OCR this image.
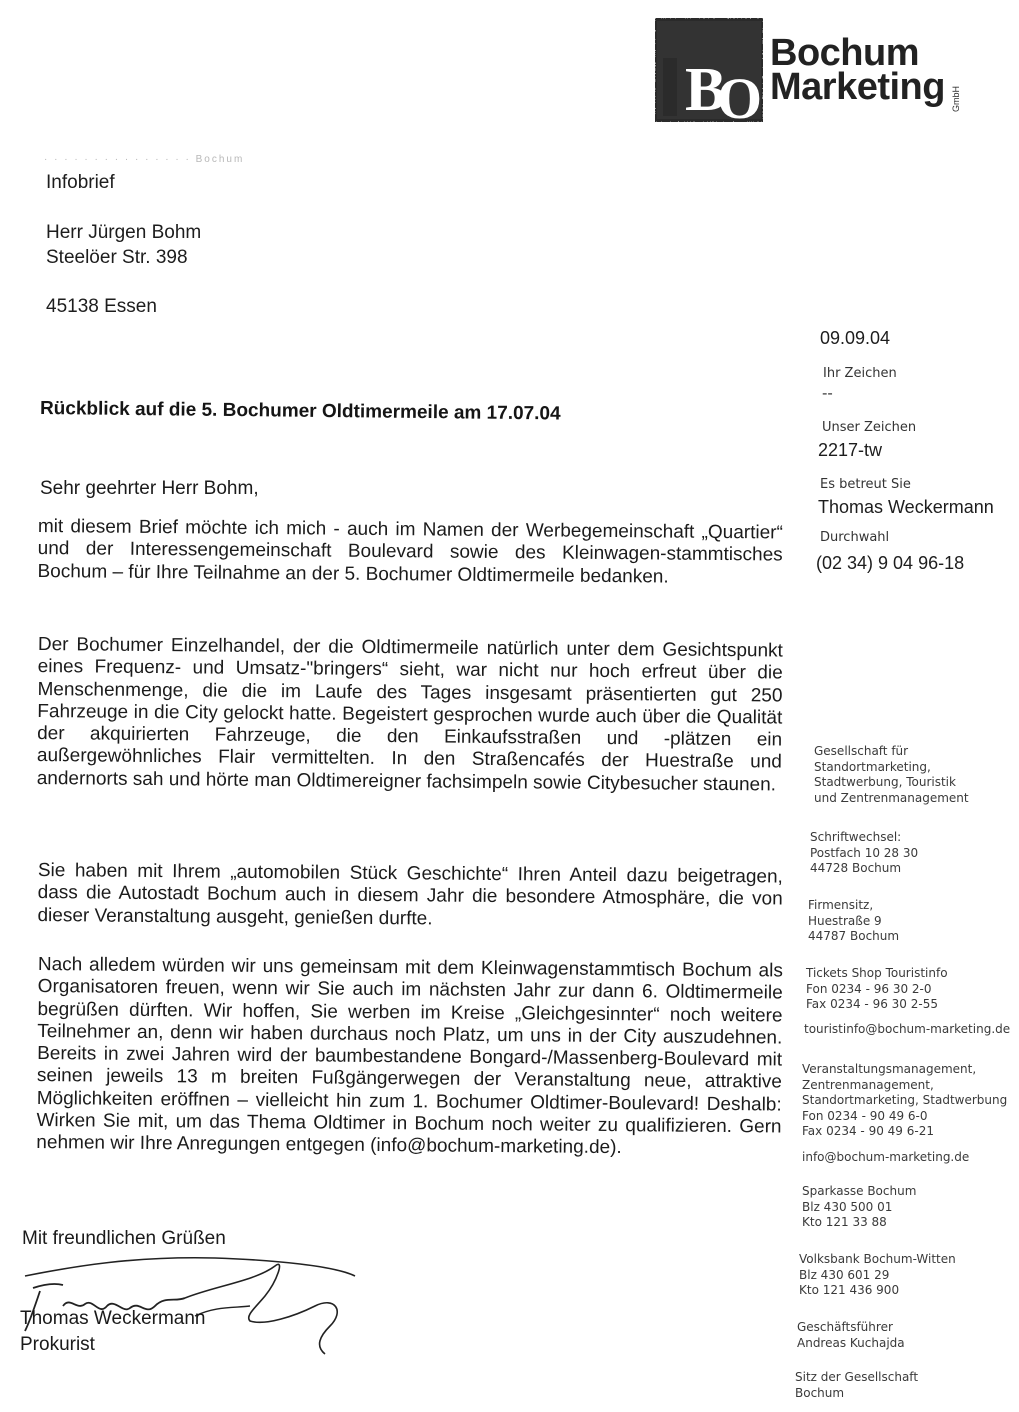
B
O
Bochum
Marketing GmbH
· · · · · · · · · · · · · · · Bochum
Infobrief
Herr Jürgen Bohm
Steelöer Str. 398
45138 Essen
09.09.04
Ihr Zeichen
--
Unser Zeichen
2217-tw
Es betreut Sie
Thomas Weckermann
Durchwahl
(02 34) 9 04 96-18
Rückblick auf die 5. Bochumer Oldtimermeile am 17.07.04
Sehr geehrter Herr Bohm,
mit diesem Brief möchte ich mich - auch im Namen der Werbegemeinschaft „Quartier“ und der Interessengemeinschaft Boulevard sowie des Kleinwagen-stammtisches Bochum – für Ihre Teilnahme an der 5. Bochumer Oldtimermeile bedanken.
Der Bochumer Einzelhandel, der die Oldtimermeile natürlich unter dem Gesichtspunkt eines Frequenz- und Umsatz-"bringers“ sieht, war nicht nur hoch erfreut über die Menschenmenge, die die im Laufe des Tages insgesamt präsentierten gut 250 Fahrzeuge in die City gelockt hatte. Begeistert gesprochen wurde auch über die Qualität der akquirierten Fahrzeuge, die den Einkaufsstraßen und -plätzen ein außergewöhnliches Flair vermittelten. In den Straßencafés der Huestraße und andernorts sah und hörte man Oldtimereigner fachsimpeln sowie Citybesucher staunen.
Sie haben mit Ihrem „automobilen Stück Geschichte“ Ihren Anteil dazu beigetragen, dass die Autostadt Bochum auch in diesem Jahr die besondere Atmosphäre, die von dieser Veranstaltung ausgeht, genießen durfte.
Nach alledem würden wir uns gemeinsam mit dem Kleinwagenstammtisch Bochum als Organisatoren freuen, wenn wir Sie auch im nächsten Jahr zur dann 6. Oldtimermeile begrüßen dürften. Wir hoffen, Sie werben im Kreise „Gleichgesinnter“ noch weitere Teilnehmer an, denn wir haben durchaus noch Platz, um uns in der City auszudehnen. Bereits in zwei Jahren wird der baumbestandene Bongard-/Massenberg-Boulevard mit seinen jeweils 13 m breiten Fußgängerwegen der Veranstaltung neue, attraktive Möglichkeiten eröffnen – vielleicht hin zum 1. Bochumer Oldtimer-Boulevard! Deshalb: Wirken Sie mit, um das Thema Oldtimer in Bochum noch weiter zu qualifizieren. Gern nehmen wir Ihre Anregungen entgegen (info@bochum-marketing.de).
Mit freundlichen Grüßen
Thomas Weckermann
Prokurist
Gesellschaft für
Standortmarketing,
Stadtwerbung, Touristik
und Zentrenmanagement
Schriftwechsel:
Postfach 10 28 30
44728 Bochum
Firmensitz,
Huestraße 9
44787 Bochum
Tickets Shop Touristinfo
Fon 0234 - 96 30 2-0
Fax 0234 - 96 30 2-55
touristinfo@bochum-marketing.de
Veranstaltungsmanagement,
Zentrenmanagement,
Standortmarketing, Stadtwerbung
Fon 0234 - 90 49 6-0
Fax 0234 - 90 49 6-21
info@bochum-marketing.de
Sparkasse Bochum
Blz 430 500 01
Kto 121 33 88
Volksbank Bochum-Witten
Blz 430 601 29
Kto 121 436 900
Geschäftsführer
Andreas Kuchajda
Sitz der Gesellschaft
Bochum
